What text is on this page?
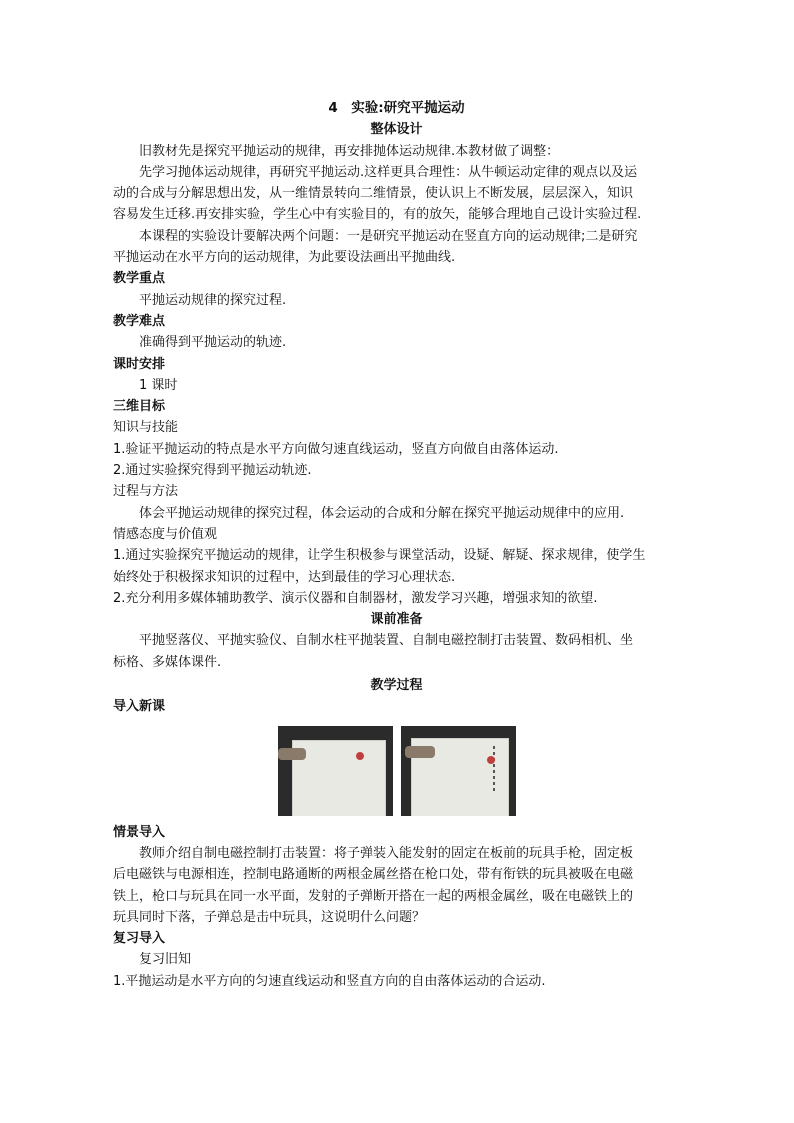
4　实验:研究平抛运动
整体设计
旧教材先是探究平抛运动的规律，再安排抛体运动规律.本教材做了调整：
先学习抛体运动规律，再研究平抛运动.这样更具合理性：从牛顿运动定律的观点以及运
动的合成与分解思想出发，从一维情景转向二维情景，使认识上不断发展，层层深入，知识
容易发生迁移.再安排实验，学生心中有实验目的，有的放矢，能够合理地自己设计实验过程.
本课程的实验设计要解决两个问题：一是研究平抛运动在竖直方向的运动规律;二是研究
平抛运动在水平方向的运动规律，为此要设法画出平抛曲线.
教学重点
平抛运动规律的探究过程.
教学难点
准确得到平抛运动的轨迹.
课时安排
1 课时
三维目标
知识与技能
1.验证平抛运动的特点是水平方向做匀速直线运动，竖直方向做自由落体运动.
2.通过实验探究得到平抛运动轨迹.
过程与方法
体会平抛运动规律的探究过程，体会运动的合成和分解在探究平抛运动规律中的应用.
情感态度与价值观
1.通过实验探究平抛运动的规律，让学生积极参与课堂活动，设疑、解疑、探求规律，使学生
始终处于积极探求知识的过程中，达到最佳的学习心理状态.
2.充分利用多媒体辅助教学、演示仪器和自制器材，激发学习兴趣，增强求知的欲望.
课前准备
平抛竖落仪、平抛实验仪、自制水柱平抛装置、自制电磁控制打击装置、数码相机、坐
标格、多媒体课件.
教学过程
导入新课
情景导入
教师介绍自制电磁控制打击装置：将子弹装入能发射的固定在板前的玩具手枪，固定板
后电磁铁与电源相连，控制电路通断的两根金属丝搭在枪口处，带有衔铁的玩具被吸在电磁
铁上，枪口与玩具在同一水平面，发射的子弹断开搭在一起的两根金属丝，吸在电磁铁上的
玩具同时下落，子弹总是击中玩具，这说明什么问题？
复习导入
复习旧知
1.平抛运动是水平方向的匀速直线运动和竖直方向的自由落体运动的合运动.
